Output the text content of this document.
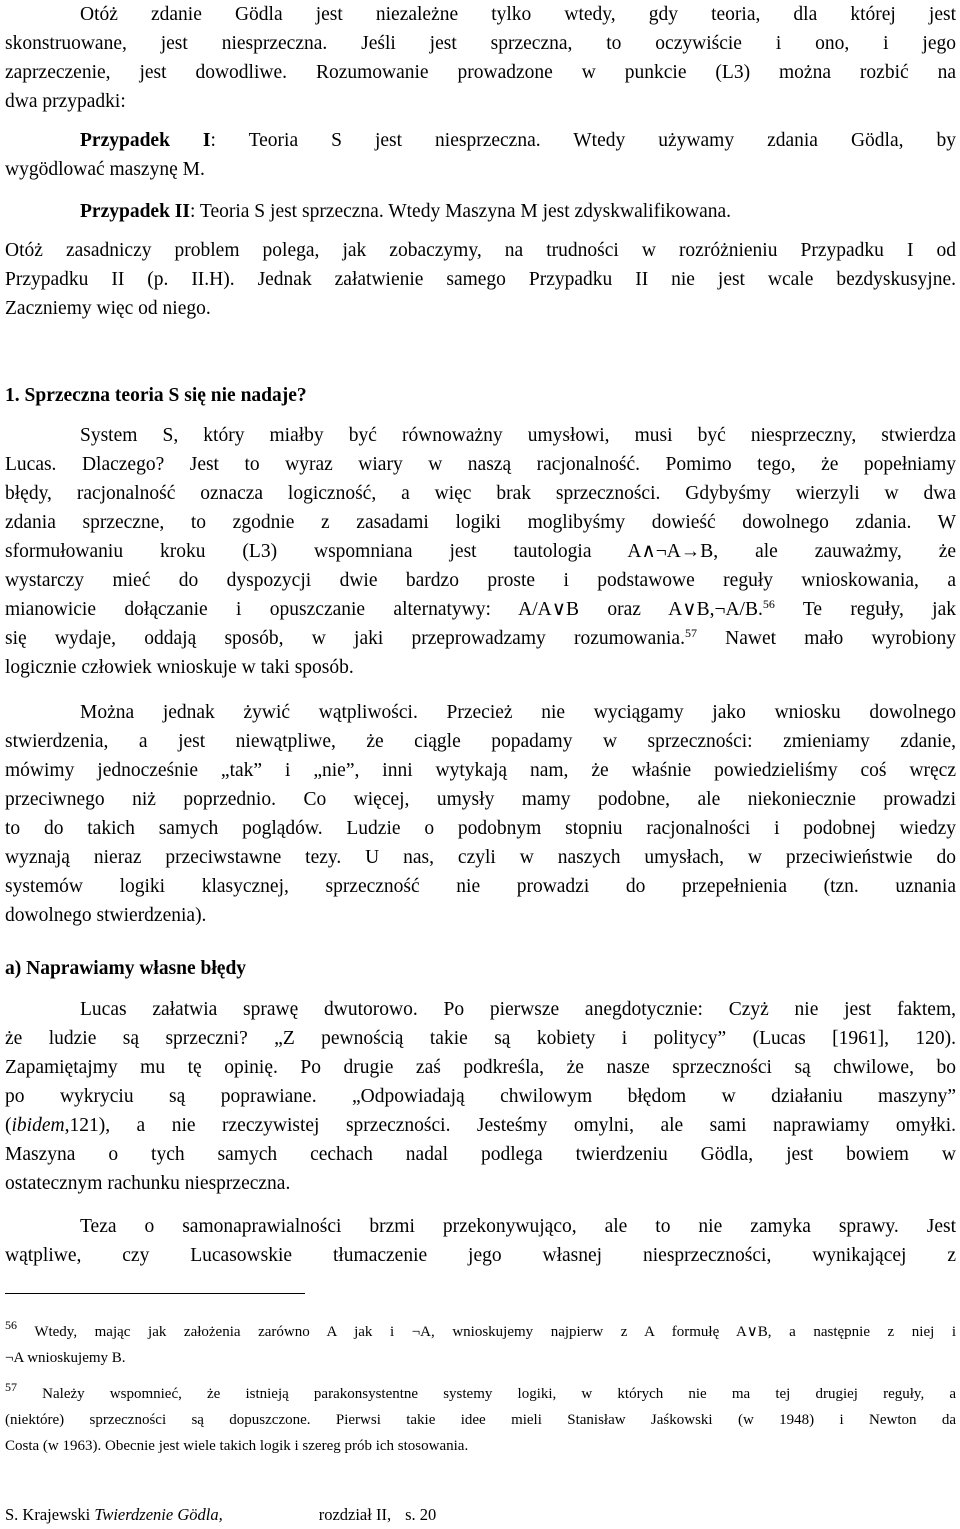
Otóż zdanie Gödla jest niezależne tylko wtedy, gdy teoria, dla której jest
skonstruowane, jest niesprzeczna. Jeśli jest sprzeczna, to oczywiście i ono, i jego
zaprzeczenie, jest dowodliwe. Rozumowanie prowadzone w punkcie (L3) można rozbić na
dwa przypadki:
Przypadek I: Teoria S jest niesprzeczna. Wtedy używamy zdania Gödla, by
wygödlować maszynę M.
Przypadek II: Teoria S jest sprzeczna. Wtedy Maszyna M jest zdyskwalifikowana.
Otóż zasadniczy problem polega, jak zobaczymy, na trudności w rozróżnieniu Przypadku I od
Przypadku II (p. II.H). Jednak załatwienie samego Przypadku II nie jest wcale bezdyskusyjne.
Zaczniemy więc od niego.
1. Sprzeczna teoria S się nie nadaje?
System S, który miałby być równoważny umysłowi, musi być niesprzeczny, stwierdza
Lucas. Dlaczego? Jest to wyraz wiary w naszą racjonalność. Pomimo tego, że popełniamy
błędy, racjonalność oznacza logiczność, a więc brak sprzeczności. Gdybyśmy wierzyli w dwa
zdania sprzeczne, to zgodnie z zasadami logiki moglibyśmy dowieść dowolnego zdania. W
sformułowaniu kroku (L3) wspomniana jest tautologia A∧¬A→B, ale zauważmy, że
wystarczy mieć do dyspozycji dwie bardzo proste i podstawowe reguły wnioskowania, a
mianowicie dołączanie i opuszczanie alternatywy: A/A∨B oraz A∨B,¬A/B.$^{56}$ Te reguły, jak
się wydaje, oddają sposób, w jaki przeprowadzamy rozumowania.$^{57}$ Nawet mało wyrobiony
logicznie człowiek wnioskuje w taki sposób.
Można jednak żywić wątpliwości. Przecież nie wyciągamy jako wniosku dowolnego
stwierdzenia, a jest niewątpliwe, że ciągle popadamy w sprzeczności: zmieniamy zdanie,
mówimy jednocześnie „tak” i „nie”, inni wytykają nam, że właśnie powiedzieliśmy coś wręcz
przeciwnego niż poprzednio. Co więcej, umysły mamy podobne, ale niekoniecznie prowadzi
to do takich samych poglądów. Ludzie o podobnym stopniu racjonalności i podobnej wiedzy
wyznają nieraz przeciwstawne tezy. U nas, czyli w naszych umysłach, w przeciwieństwie do
systemów logiki klasycznej, sprzeczność nie prowadzi do przepełnienia (tzn. uznania
dowolnego stwierdzenia).
a) Naprawiamy własne błędy
Lucas załatwia sprawę dwutorowo. Po pierwsze anegdotycznie: Czyż nie jest faktem,
że ludzie są sprzeczni? „Z pewnością takie są kobiety i politycy” (Lucas [1961], 120).
Zapamiętajmy mu tę opinię. Po drugie zaś podkreśla, że nasze sprzeczności są chwilowe, bo
po wykryciu są poprawiane. „Odpowiadają chwilowym błędom w działaniu maszyny”
(ibidem,121), a nie rzeczywistej sprzeczności. Jesteśmy omylni, ale sami naprawiamy omyłki.
Maszyna o tych samych cechach nadal podlega twierdzeniu Gödla, jest bowiem w
ostatecznym rachunku niesprzeczna.
Teza o samonaprawialności brzmi przekonywująco, ale to nie zamyka sprawy. Jest
wątpliwe, czy Lucasowskie tłumaczenie jego własnej niesprzeczności, wynikającej z
$^{56}$ Wtedy, mając jak założenia zarówno A jak i ¬A, wnioskujemy najpierw z A formułę A∨B, a następnie z niej i
¬A wnioskujemy B.
$^{57}$ Należy wspomnieć, że istnieją parakonsystentne systemy logiki, w których nie ma tej drugiej reguły, a
(niektóre) sprzeczności są dopuszczone. Pierwsi takie idee mieli Stanisław Jaśkowski (w 1948) i Newton da
Costa (w 1963). Obecnie jest wiele takich logik i szereg prób ich stosowania.
S. Krajewski Twierdzenie Gödla,	rozdział II, s. 20
